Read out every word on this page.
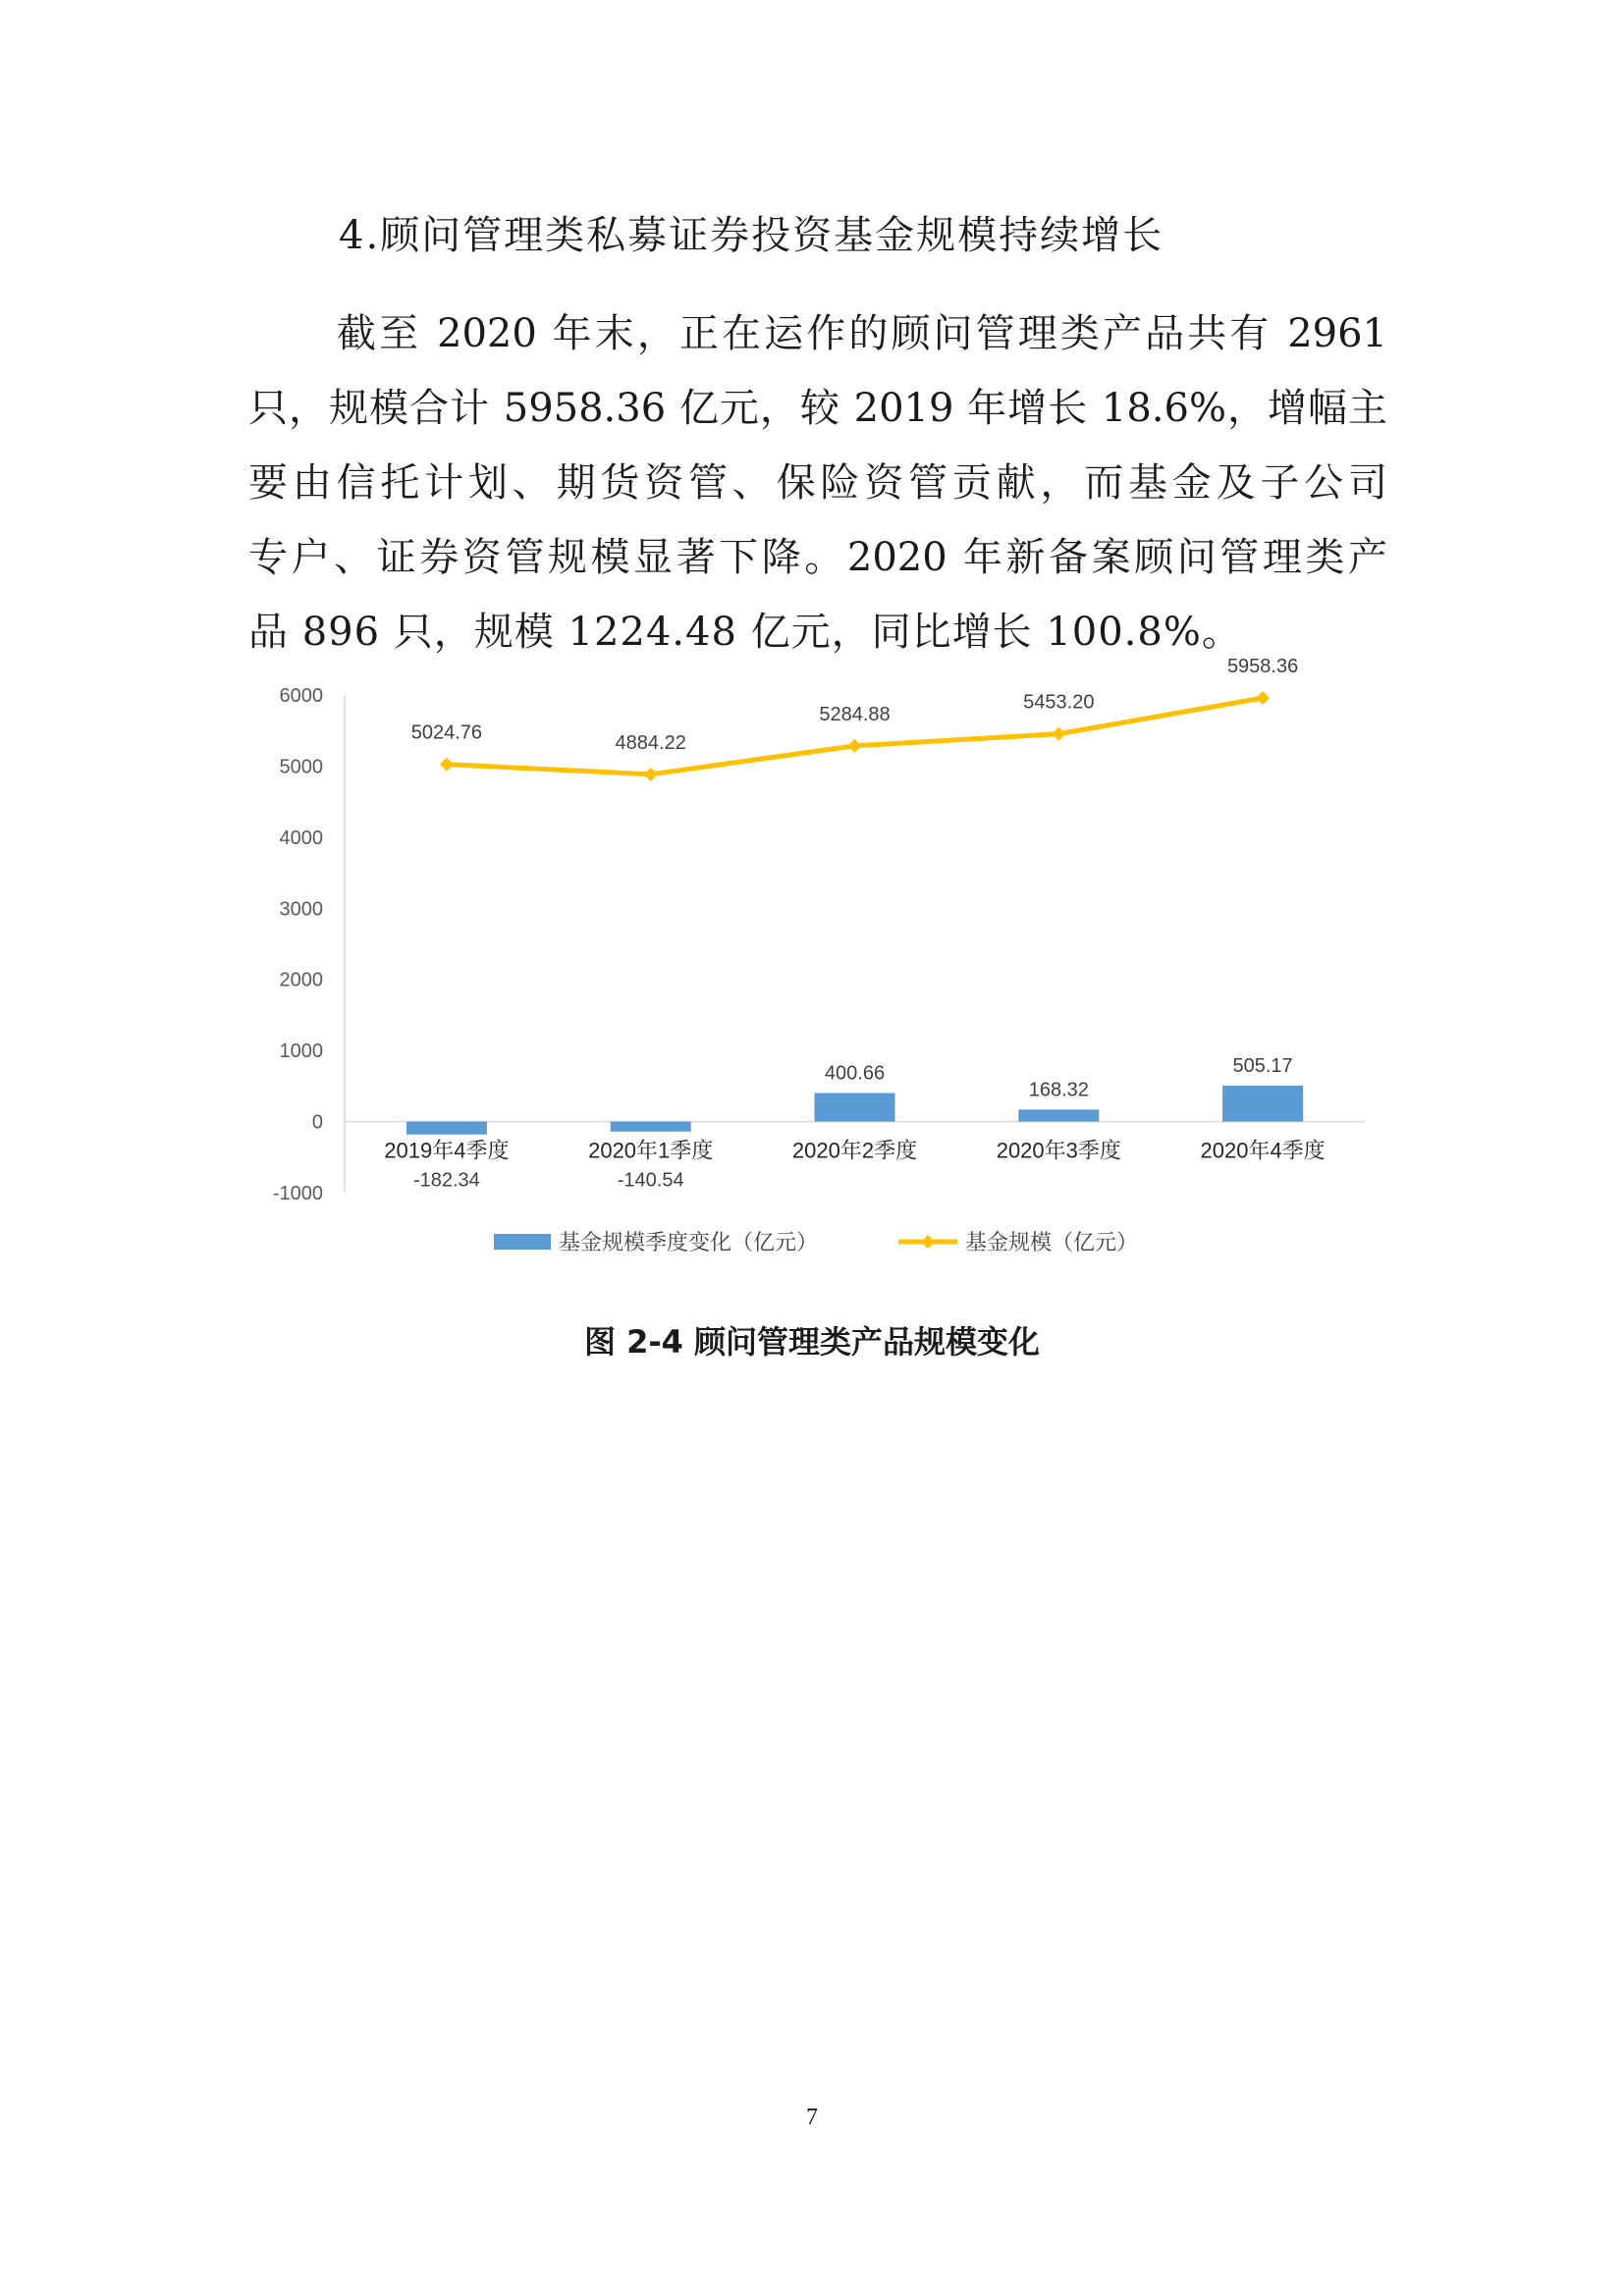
4.顾问管理类私募证券投资基金规模持续增长
截至 2020 年末，正在运作的顾问管理类产品共有 2961
只，规模合计 5958.36 亿元，较 2019 年增长 18.6%，增幅主
要由信托计划、期货资管、保险资管贡献，而基金及子公司
专户、证券资管规模显著下降。2020 年新备案顾问管理类产
品 896 只，规模 1224.48 亿元，同比增长 100.8%。
6000
5000
4000
3000
2000
1000
0
-1000
-182.34	-140.54
400.66
168.32
505.17
2019年4季度	2020年1季度	2020年2季度	2020年3季度	2020年4季度
5024.76	4884.22
5284.88
5453.20
5958.36
基金规模季度变化（亿元）	基金规模（亿元）

图 2-4 顾问管理类产品规模变化

7
